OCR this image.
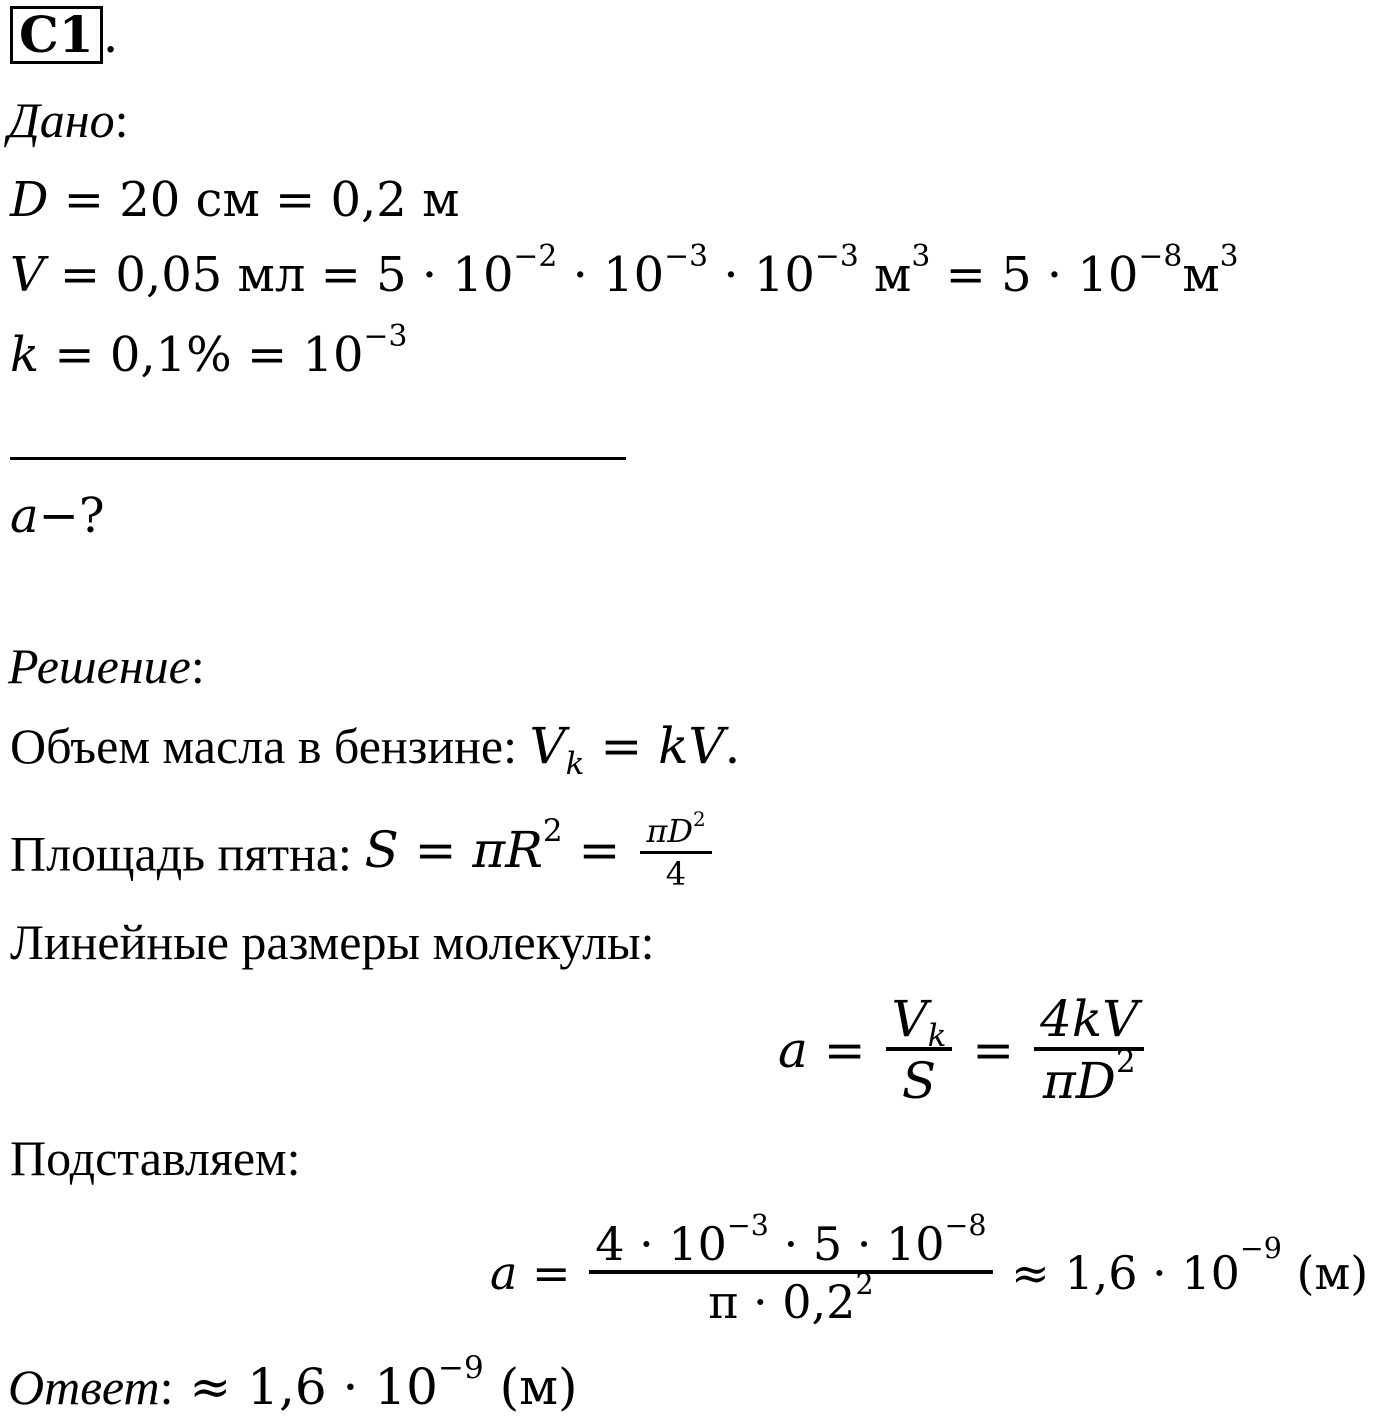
С1 .
Дано:
D = 20 см = 0,2 м
V = 0,05 мл = $5 \cdot 10^{-2} \cdot 10^{-3} \cdot 10^{-3}$ $м^3 = 5 \cdot 10^{-8}м^3$
$k = 0,1\% = 10^{-3}$
a−?
Решение:
Объем масла в бензине: $V_k$ = kV.
Площадь пятна: $S = \pi R^2 = \frac{\pi D^2}{4}$
Линейные размеры молекулы:
$a = \frac{V_k}{S} = \frac{4kV}{\pi D^2}$
Подставляем:
$a = \frac{4 \cdot 10^{-3} \cdot 5 \cdot 10^{-8}}{\pi \cdot 0,2^2} \approx 1,6 \cdot 10 -9$ (м)
Ответ: ≈ $1,6 \cdot 10^{-9}$ (м)
